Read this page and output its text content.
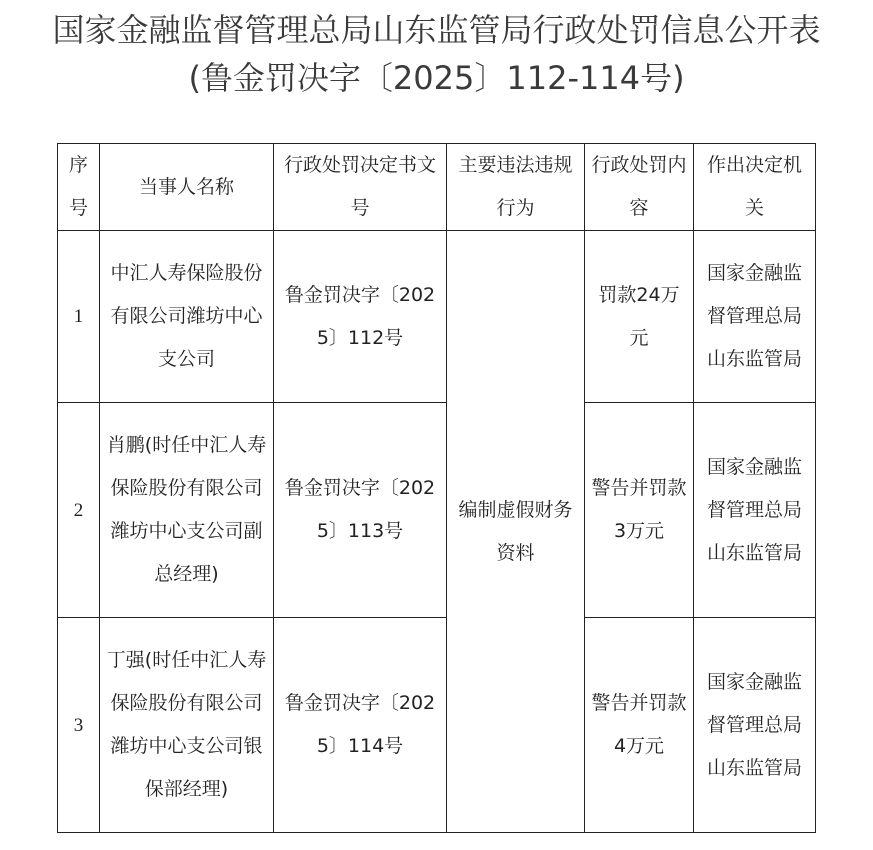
国家金融监督管理总局山东监管局行政处罚信息公开表
(鲁金罚决字〔2025〕112-114号)
序号	当事人名称	行政处罚决定书文号	主要违法违规行为	行政处罚内容	作出决定机关
1	中汇人寿保险股份有限公司潍坊中心支公司	鲁金罚决字〔2025〕112号	编制虚假财务资料	罚款24万元	国家金融监督管理总局山东监管局
2	肖鹏(时任中汇人寿保险股份有限公司潍坊中心支公司副总经理)	鲁金罚决字〔2025〕113号		警告并罚款3万元	国家金融监督管理总局山东监管局
3	丁强(时任中汇人寿保险股份有限公司潍坊中心支公司银保部经理)	鲁金罚决字〔2025〕114号		警告并罚款4万元	国家金融监督管理总局山东监管局
